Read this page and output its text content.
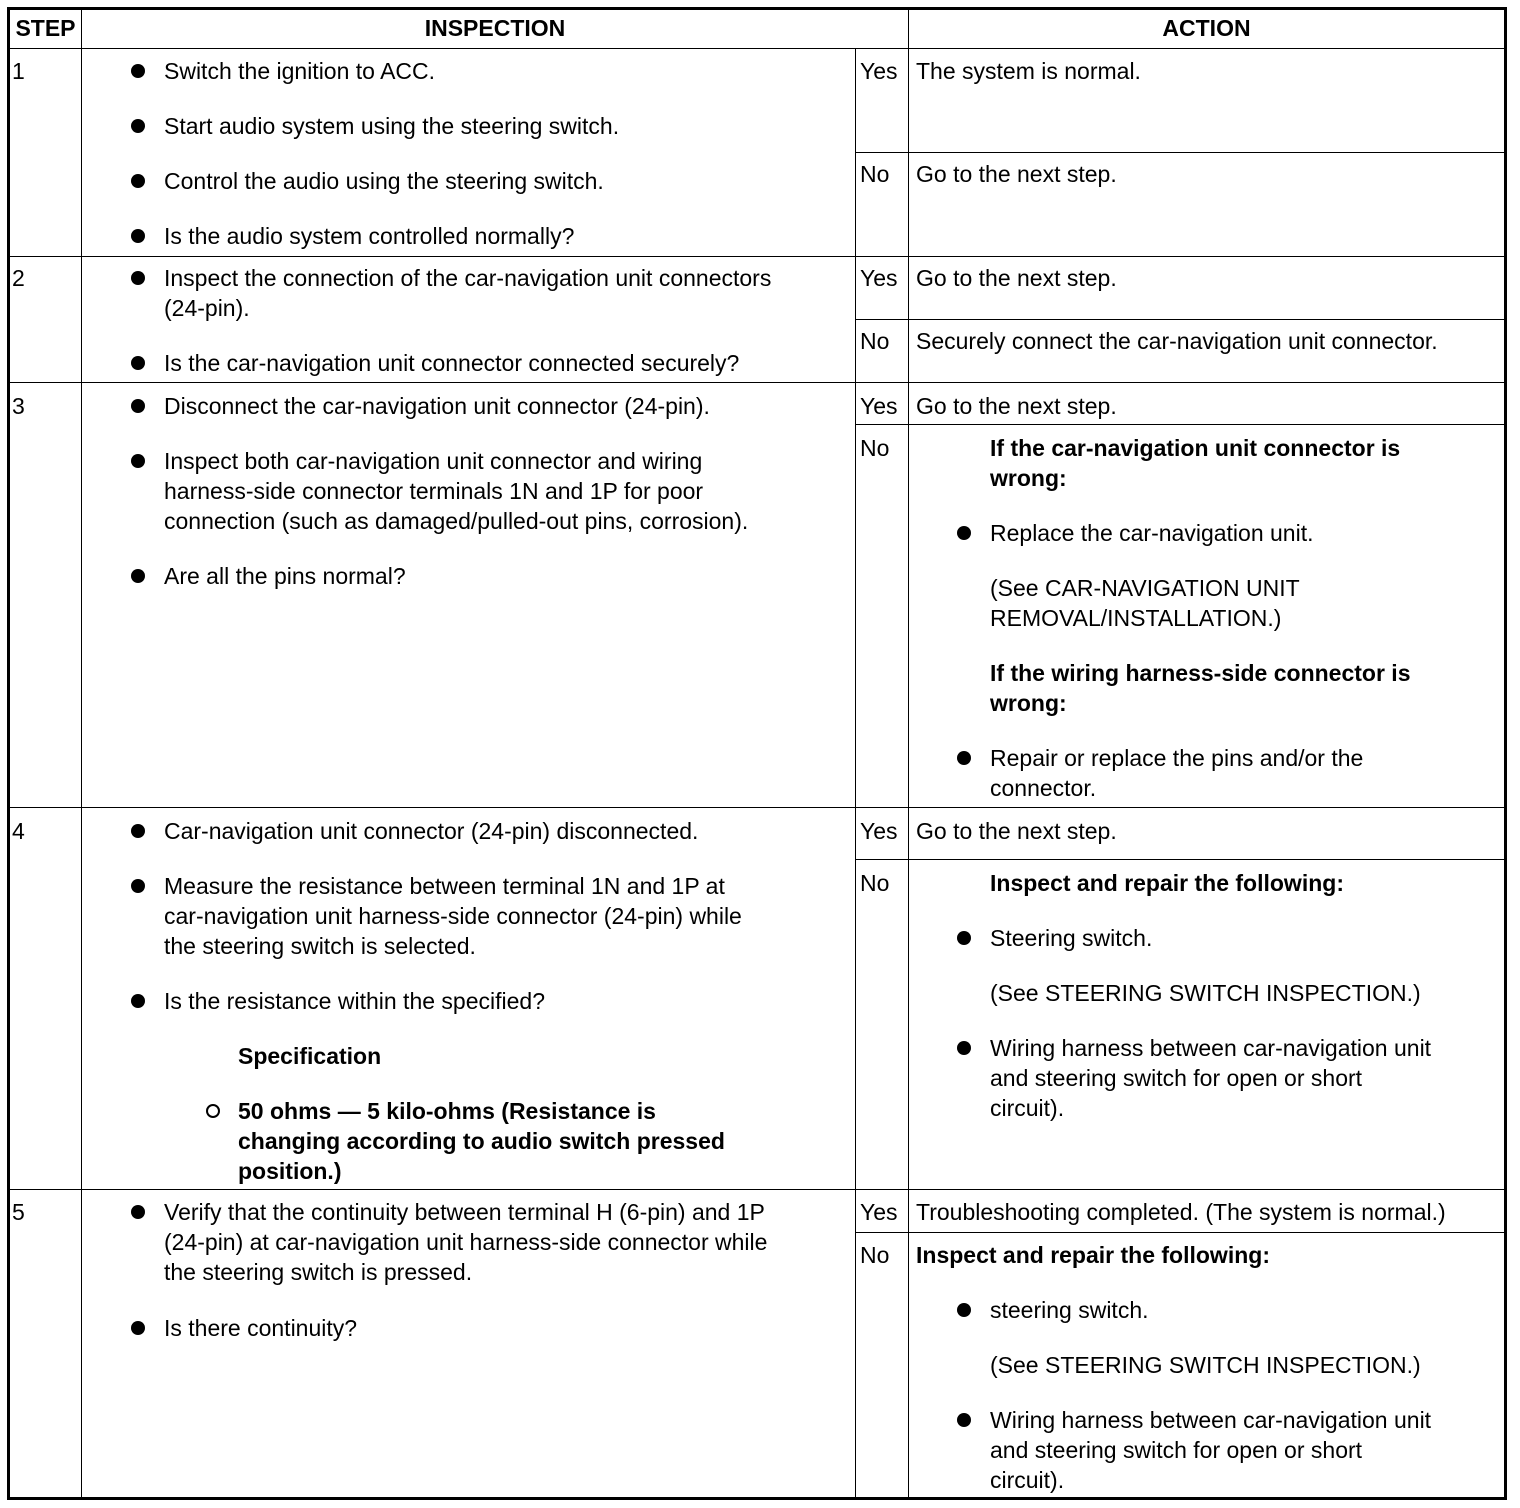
STEP	INSPECTION	ACTION
1	Switch the ignition to ACC.
Start audio system using the steering switch.
Control the audio using the steering switch.
Is the audio system controlled normally?
Yes The system is normal.
No Go to the next step.
2	Inspect the connection of the car-navigation unit connectors
(24-pin).
Is the car-navigation unit connector connected securely?
Yes Go to the next step.
No Securely connect the car-navigation unit connector.
3	Disconnect the car-navigation unit connector (24-pin).
Inspect both car-navigation unit connector and wiring
harness-side connector terminals 1N and 1P for poor
connection (such as damaged/pulled-out pins, corrosion).
Are all the pins normal?
Yes Go to the next step.
No	If the car-navigation unit connector is
wrong:
Replace the car-navigation unit.
(See CAR-NAVIGATION UNIT
REMOVAL/INSTALLATION.)
If the wiring harness-side connector is
wrong:
Repair or replace the pins and/or the
connector.
4	Car-navigation unit connector (24-pin) disconnected.
Measure the resistance between terminal 1N and 1P at
car-navigation unit harness-side connector (24-pin) while
the steering switch is selected.
Is the resistance within the specified?
Specification
50 ohms — 5 kilo-ohms (Resistance is
changing according to audio switch pressed
position.)
Yes Go to the next step.
No	Inspect and repair the following:
Steering switch.
(See STEERING SWITCH INSPECTION.)
Wiring harness between car-navigation unit
and steering switch for open or short
circuit).
5	Verify that the continuity between terminal H (6-pin) and 1P
(24-pin) at car-navigation unit harness-side connector while
the steering switch is pressed.
Is there continuity?
Yes Troubleshooting completed. (The system is normal.)
No Inspect and repair the following:
steering switch.
(See STEERING SWITCH INSPECTION.)
Wiring harness between car-navigation unit
and steering switch for open or short
circuit).
